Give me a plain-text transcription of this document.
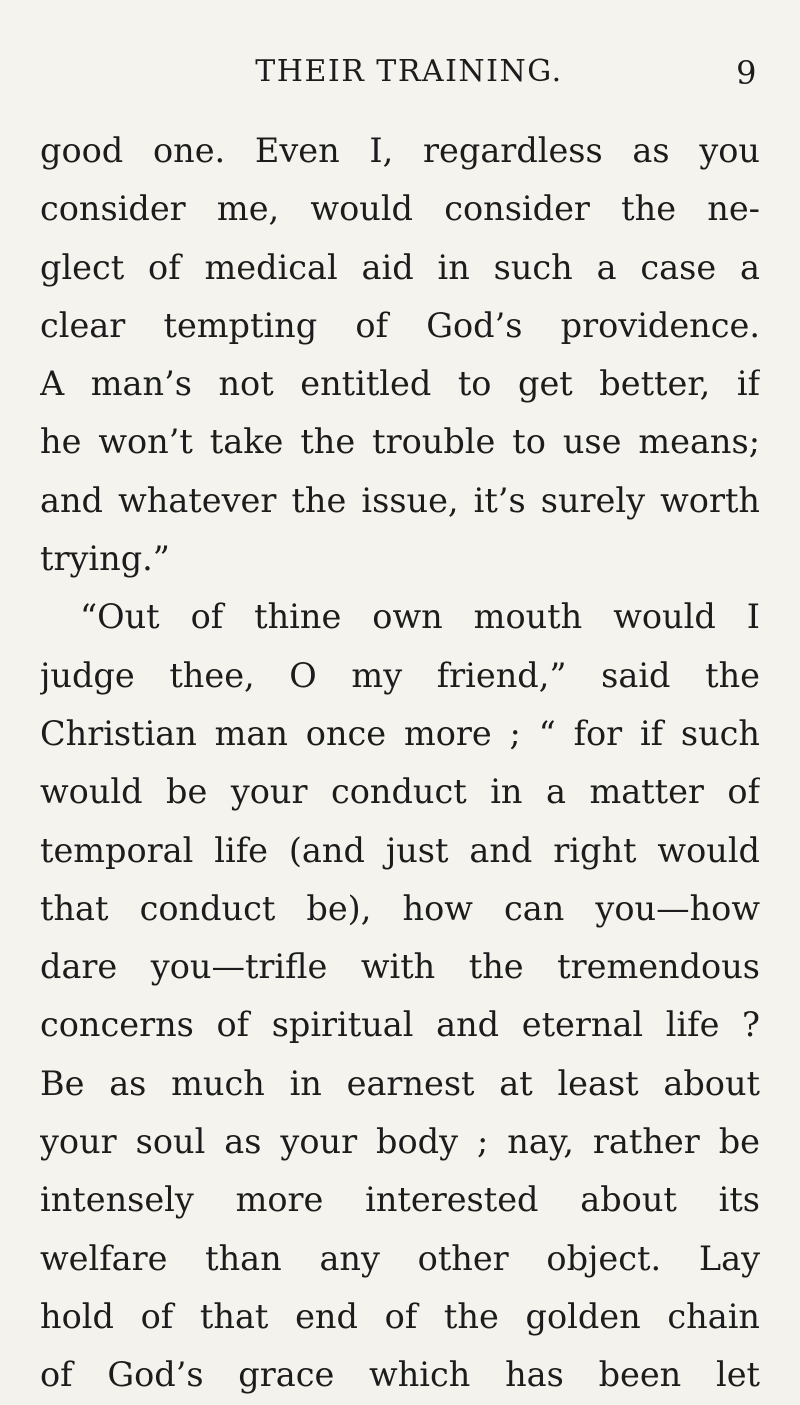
THEIR TRAINING.	9
good one. Even I, regardless as you
consider me, would consider the ne-
glect of medical aid in such a case a
clear tempting of God’s providence.
A man’s not entitled to get better, if
he won’t take the trouble to use means;
and whatever the issue, it’s surely worth
trying.”
“Out of thine own mouth would I
judge thee, O my friend,” said the
Christian man once more ; “ for if such
would be your conduct in a matter of
temporal life (and just and right would
that conduct be), how can you—how
dare you—trifle with the tremendous
concerns of spiritual and eternal life ?
Be as much in earnest at least about
your soul as your body ; nay, rather be
intensely more interested about its
welfare than any other object. Lay
hold of that end of the golden chain
of God’s grace which has been let
